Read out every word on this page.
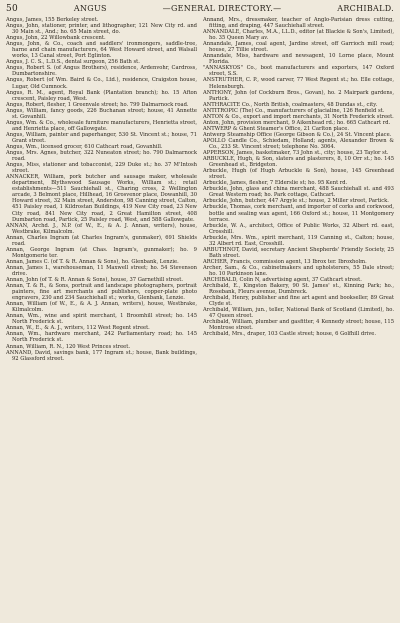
50	ANGUS	—GENERAL DIRECTORY.—	ARCHIBALD.

Angus, James, 155 Berkeley street.

Angus, John, stationer, printer, and lithographer, 121 New City rd. and 30 Main st., And.; ho. 65 Main street, do.

Angus, John, 22 Willowbank crescent.

Angus, John, & Co., coach and saddlers' ironmongers, saddle-tree, harne and chain manufacturers, 64 West Howard street, and Walsall works, 13 Canal street, Port Eglinton.

Angus, J. C. S., L.D.S., dental surgeon, 256 Bath st.

Angus, Robert S. (of Angus Brothers), residence, Ardenvohr, Cardross, Dumbartonshire.

Angus, Robert (of Wm. Baird & Co., Ltd.), residence, Craigston house, Lugar, Old Cumnock.

Angus, R. M., agent, Royal Bank (Plantation branch); ho. 15 Afton crescent, Paisley road, West.

Angus, Robert, flesher, 1 Greenvale street; ho. 799 Dalmarnock road.

Angus, William, fancy goods, 226 Buchanan street; house, 41 Annette st. Govanhill.

Angus, Wm. & Co., wholesale furniture manufacturers, Henrietta street, and Henrietta place, off Gallowgate.

Angus, William, painter and paperhanger, 530 St. Vincent st.; house, 71 Grant street.

Angus, Wm., licensed grocer, 610 Cathcart road, Govanhill.

Angus, Mrs. Agnes, butcher, 322 Nuneaton street; ho. 790 Dalmarnock road.

Angus, Miss, stationer and tobacconist, 229 Duke st.; ho. 37 M'Intosh street.

ANNACKER, William, pork butcher and sausage maker, wholesale department, Blythswood Sausage Works, William st.; retail establishments—511 Sauchiehall st., Charing cross, 2 Wellington arcade, 3 Belmont place, Hillhead, 16 Grosvenor place, Dowanhill, 30 Howard street, 32 Main street, Anderston, 98 Canning street, Calton, 451 Paisley road, 1 Kildrostan Buildings, 419 New City road, 23 New City road, 841 New City road, 2 Great Hamilton street, 408 Dumbarton road, Partick, 25 Paisley road, West, and 588 Gallowgate.

ANNAN, Archd. J., N.P. (of W., E., & A. J. Annan, writers), house, Westbrake, Kilmalcolm.

Annan, Charles Ingram (at Charles Ingram's, gunmaker), 691 Shields road.

Annan, George Ingram (at Chas. Ingram's, gunmaker); ho. 9 Montgomerie ter.

Annan, James C. (of T. & R. Annan & Sons), ho. Glenbank, Lenzie.

Annan, James I., warehouseman, 11 Maxwell street; ho. 54 Stevenson drive.

Annan, John (of T. & R. Annan & Sons), house, 37 Garnethill street.

Annan, T. & R., & Sons, portrait and landscape photographers, portrait painters, fine art merchants and publishers, copper-plate photo engravers, 230 and 234 Sauchiehall st.; works, Glenbank, Lenzie.

Annan, William (of W., E., & A. J. Annan, writers), house, Westbrake, Kilmalcolm.

Annan, Wm., wine and spirit merchant, 1 Broomhill street; ho. 145 North Frederick st.

Annan, W., E., & A. J., writers, 112 West Regent street.

Annan, Wm., hardware merchant, 242 Parliamentary road; ho. 145 North Frederick st.

Annan, William, R. N., 120 West Princes street.

ANNAND, David, savings bank, 177 Ingram st.; house, Bank buildings, 92 Glassford street.

Annand, Mrs., dressmaker, teacher of Anglo-Parisian dress cutting, fitting, and draping, 447 Sauchiehall street.

ANNANDALE, Charles, M.A., LL.D., editor (at Blackie & Son's, Limited), ho. 35 Queen Mary av.

Annandale, James, coal agent, Jardine street, off Garrioch mill road; house, 27 Tillie street.

Annandale, Miss, hardware and newsagent, 10 Lorne place, Mount Florida.

"ANNASKYOS" Co., boot manufacturers and exporters, 147 Oxford street, S.S.

ANSTRUTHER, C. P., wood carver, 77 West Regent st.; ho. Elle cottage, Helensburgh.

ANTHONY, John (of Cockburn Bros., Govan), ho. 2 Mairpark gardens, Partick.

ANTHRACITE Co., North British, coalmasters, 48 Dundas st., city.

ANTITROPIC (The) Co., manufacturers of glacialine, 126 Renfield st.

ANTON & Co., export and import merchants, 31 North Frederick street.

Anton, John, provision merchant, 9 Aikenhead rd.; ho. 665 Cathcart rd.

ANTWERP & Ghent Steamer's Office, 21 Carlton place.

Antwerp Steamship Office (George Gibson & Co.), 24 St. Vincent place.

APOLLO Candle Co., Schiedam, Holland; agents, Alexander Brown & Co., 233 St. Vincent street; telephone No. 3064.

APPERSON, James, basketmaker, 73 John st., city; house, 23 Taylor st.

ARBUCKLE, Hugh, & Son, slaters and plasterers, 8, 10 Orr st.; ho. 145 Greenhead st., Bridgeton.

Arbuckle, Hugh (of Hugh Arbuckle & Son), house, 145 Greenhead street.

Arbuckle, James, flesher, 7 Elderslie st; ho. 95 Kent rd.

Arbuckle, John, glass and china merchant, 488 Sauchiehall st. and 493 Great Western road; ho. Park cottage, Cathcart.

Arbuckle, John, butcher, 447 Argyle st.; house, 2 Miller street, Partick.

Arbuckle, Thomas, cork merchant, and importer of corks and corkwood, bottle and sealing wax agent, 166 Oxford st.; house, 11 Montgomery terrace.

Arbuckle, W. A., architect, Office of Public Works, 32 Albert rd. east, Crosshill.

Arbuckle, Mrs. Wm., spirit merchant, 119 Canning st., Calton; house, 32 Albert rd. East, Crosshill.

ARBUTHNOT, David, secretary Ancient Shepherds' Friendly Society, 25 Bath street.

ARCHER, Francis, commission agent, 13 Ibrox ter. Ibroxholm.

Archer, Sam., & Co., cabinetmakers and upholsterers, 55 Dale street; ho. 10 Parkinson lane.

ARCHIBALD, Colin N, advertising agent, 37 Cathcart street.

Archibald, E., Kingston Bakery, 90 St. James' st., Kinning Park; ho., Rosebank, Fleurs avenue, Dumbreck.

Archibald, Henry, publisher and fine art agent and bookseller, 89 Great Clyde st.

Archibald, William, jun., teller, National Bank of Scotland (Limited), ho. 47 Queen street.

Archibald, William, plumber and gasfitter, 4 Kennedy street; house, 115 Montrose street.

Archibald, Mrs., draper, 103 Castle street; house, 6 Golfhill drive.
